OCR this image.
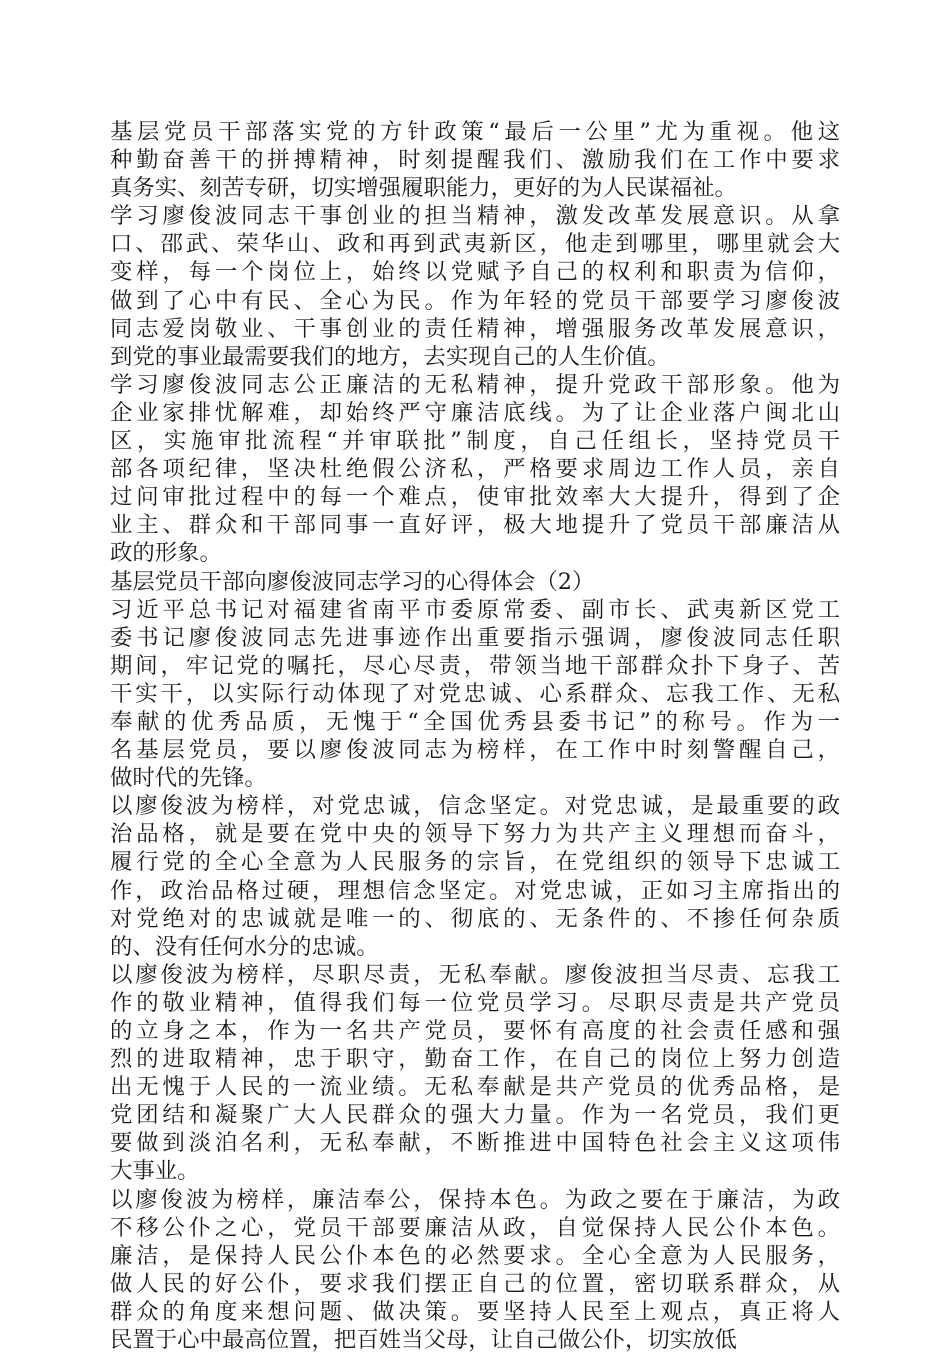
基层党员干部落实党的方针政策“最后一公里”尤为重视。他这
种勤奋善干的拼搏精神，时刻提醒我们、激励我们在工作中要求
真务实、刻苦专研，切实增强履职能力，更好的为人民谋福祉。
学习廖俊波同志干事创业的担当精神，激发改革发展意识。从拿
口、邵武、荣华山、政和再到武夷新区，他走到哪里，哪里就会大
变样，每一个岗位上，始终以党赋予自己的权利和职责为信仰，
做到了心中有民、全心为民。作为年轻的党员干部要学习廖俊波
同志爱岗敬业、干事创业的责任精神，增强服务改革发展意识，
到党的事业最需要我们的地方，去实现自己的人生价值。
学习廖俊波同志公正廉洁的无私精神，提升党政干部形象。他为
企业家排忧解难，却始终严守廉洁底线。为了让企业落户闽北山
区，实施审批流程“并审联批”制度，自己任组长，坚持党员干
部各项纪律，坚决杜绝假公济私，严格要求周边工作人员，亲自
过问审批过程中的每一个难点，使审批效率大大提升，得到了企
业主、群众和干部同事一直好评，极大地提升了党员干部廉洁从
政的形象。
基层党员干部向廖俊波同志学习的心得体会（2）
习近平总书记对福建省南平市委原常委、副市长、武夷新区党工
委书记廖俊波同志先进事迹作出重要指示强调，廖俊波同志任职
期间，牢记党的嘱托，尽心尽责，带领当地干部群众扑下身子、苦
干实干，以实际行动体现了对党忠诚、心系群众、忘我工作、无私
奉献的优秀品质，无愧于“全国优秀县委书记”的称号。作为一
名基层党员，要以廖俊波同志为榜样，在工作中时刻警醒自己，
做时代的先锋。
以廖俊波为榜样，对党忠诚，信念坚定。对党忠诚，是最重要的政
治品格，就是要在党中央的领导下努力为共产主义理想而奋斗，
履行党的全心全意为人民服务的宗旨，在党组织的领导下忠诚工
作，政治品格过硬，理想信念坚定。对党忠诚，正如习主席指出的
对党绝对的忠诚就是唯一的、彻底的、无条件的、不掺任何杂质
的、没有任何水分的忠诚。
以廖俊波为榜样，尽职尽责，无私奉献。廖俊波担当尽责、忘我工
作的敬业精神，值得我们每一位党员学习。尽职尽责是共产党员
的立身之本，作为一名共产党员，要怀有高度的社会责任感和强
烈的进取精神，忠于职守，勤奋工作，在自己的岗位上努力创造
出无愧于人民的一流业绩。无私奉献是共产党员的优秀品格，是
党团结和凝聚广大人民群众的强大力量。作为一名党员，我们更
要做到淡泊名利，无私奉献，不断推进中国特色社会主义这项伟
大事业。
以廖俊波为榜样，廉洁奉公，保持本色。为政之要在于廉洁，为政
不移公仆之心，党员干部要廉洁从政，自觉保持人民公仆本色。
廉洁，是保持人民公仆本色的必然要求。全心全意为人民服务，
做人民的好公仆，要求我们摆正自己的位置，密切联系群众，从
群众的角度来想问题、做决策。要坚持人民至上观点，真正将人
民置于心中最高位置，把百姓当父母，让自己做公仆，切实放低
